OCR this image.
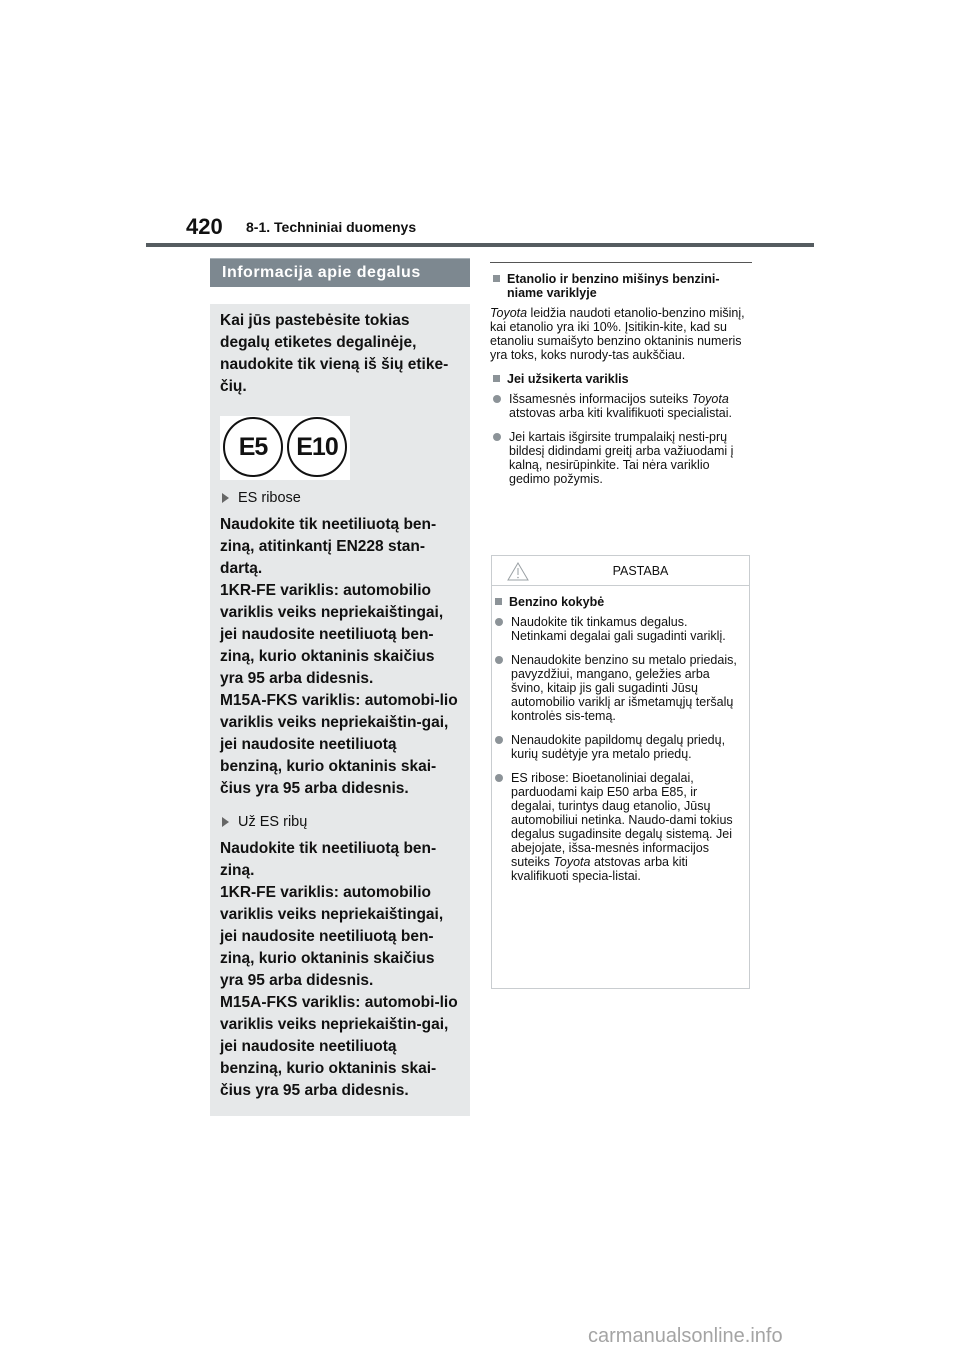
420 8-1. Techniniai duomenys
Informacija apie degalus

Kai jūs pastebėsite tokias degalų etiketes degalinėje, naudokite tik vieną iš šių etike-čių.

E5	E10

ES ribose

Naudokite tik neetiliuotą ben-ziną, atitinkantį EN228 stan-dartą.

1KR-FE variklis: automobilio variklis veiks nepriekaištingai, jei naudosite neetiliuotą ben-ziną, kurio oktaninis skaičius yra 95 arba didesnis.

M15A-FKS variklis: automobi-lio variklis veiks nepriekaištin-gai, jei naudosite neetiliuotą benziną, kurio oktaninis skai-čius yra 95 arba didesnis.

Už ES ribų

Naudokite tik neetiliuotą ben-ziną.

1KR-FE variklis: automobilio variklis veiks nepriekaištingai, jei naudosite neetiliuotą ben-ziną, kurio oktaninis skaičius yra 95 arba didesnis.

M15A-FKS variklis: automobi-lio variklis veiks nepriekaištin-gai, jei naudosite neetiliuotą benziną, kurio oktaninis skai-čius yra 95 arba didesnis.

Etanolio ir benzino mišinys benzini-niame variklyje

Toyota leidžia naudoti etanolio-benzino mišinį, kai etanolio yra iki 10%. Įsitikin-kite, kad su etanoliu sumaišyto benzino oktaninis numeris yra toks, koks nurody-tas aukščiau.

Jei užsikerta variklis

Išsamesnės informacijos suteiks Toyota atstovas arba kiti kvalifikuoti specialistai.
Jei kartais išgirsite trumpalaikį nesti-prų bildesį didindami greitį arba važiuodami į kalną, nesirūpinkite. Tai nėra variklio gedimo požymis.
PASTABA

Benzino kokybė

Naudokite tik tinkamus degalus. Netinkami degalai gali sugadinti variklį.
Nenaudokite benzino su metalo priedais, pavyzdžiui, mangano, geležies arba švino, kitaip jis gali sugadinti Jūsų automobilio variklį ar išmetamųjų teršalų kontrolės sis-temą.
Nenaudokite papildomų degalų priedų, kurių sudėtyje yra metalo priedų.
ES ribose: Bioetanoliniai degalai, parduodami kaip E50 arba E85, ir degalai, turintys daug etanolio, Jūsų automobiliui netinka. Naudo-dami tokius degalus sugadinsite degalų sistemą. Jei abejojate, išsa-mesnės informacijos suteiks Toyota atstovas arba kiti kvalifikuoti specia-listai.
carmanualsonline.info
